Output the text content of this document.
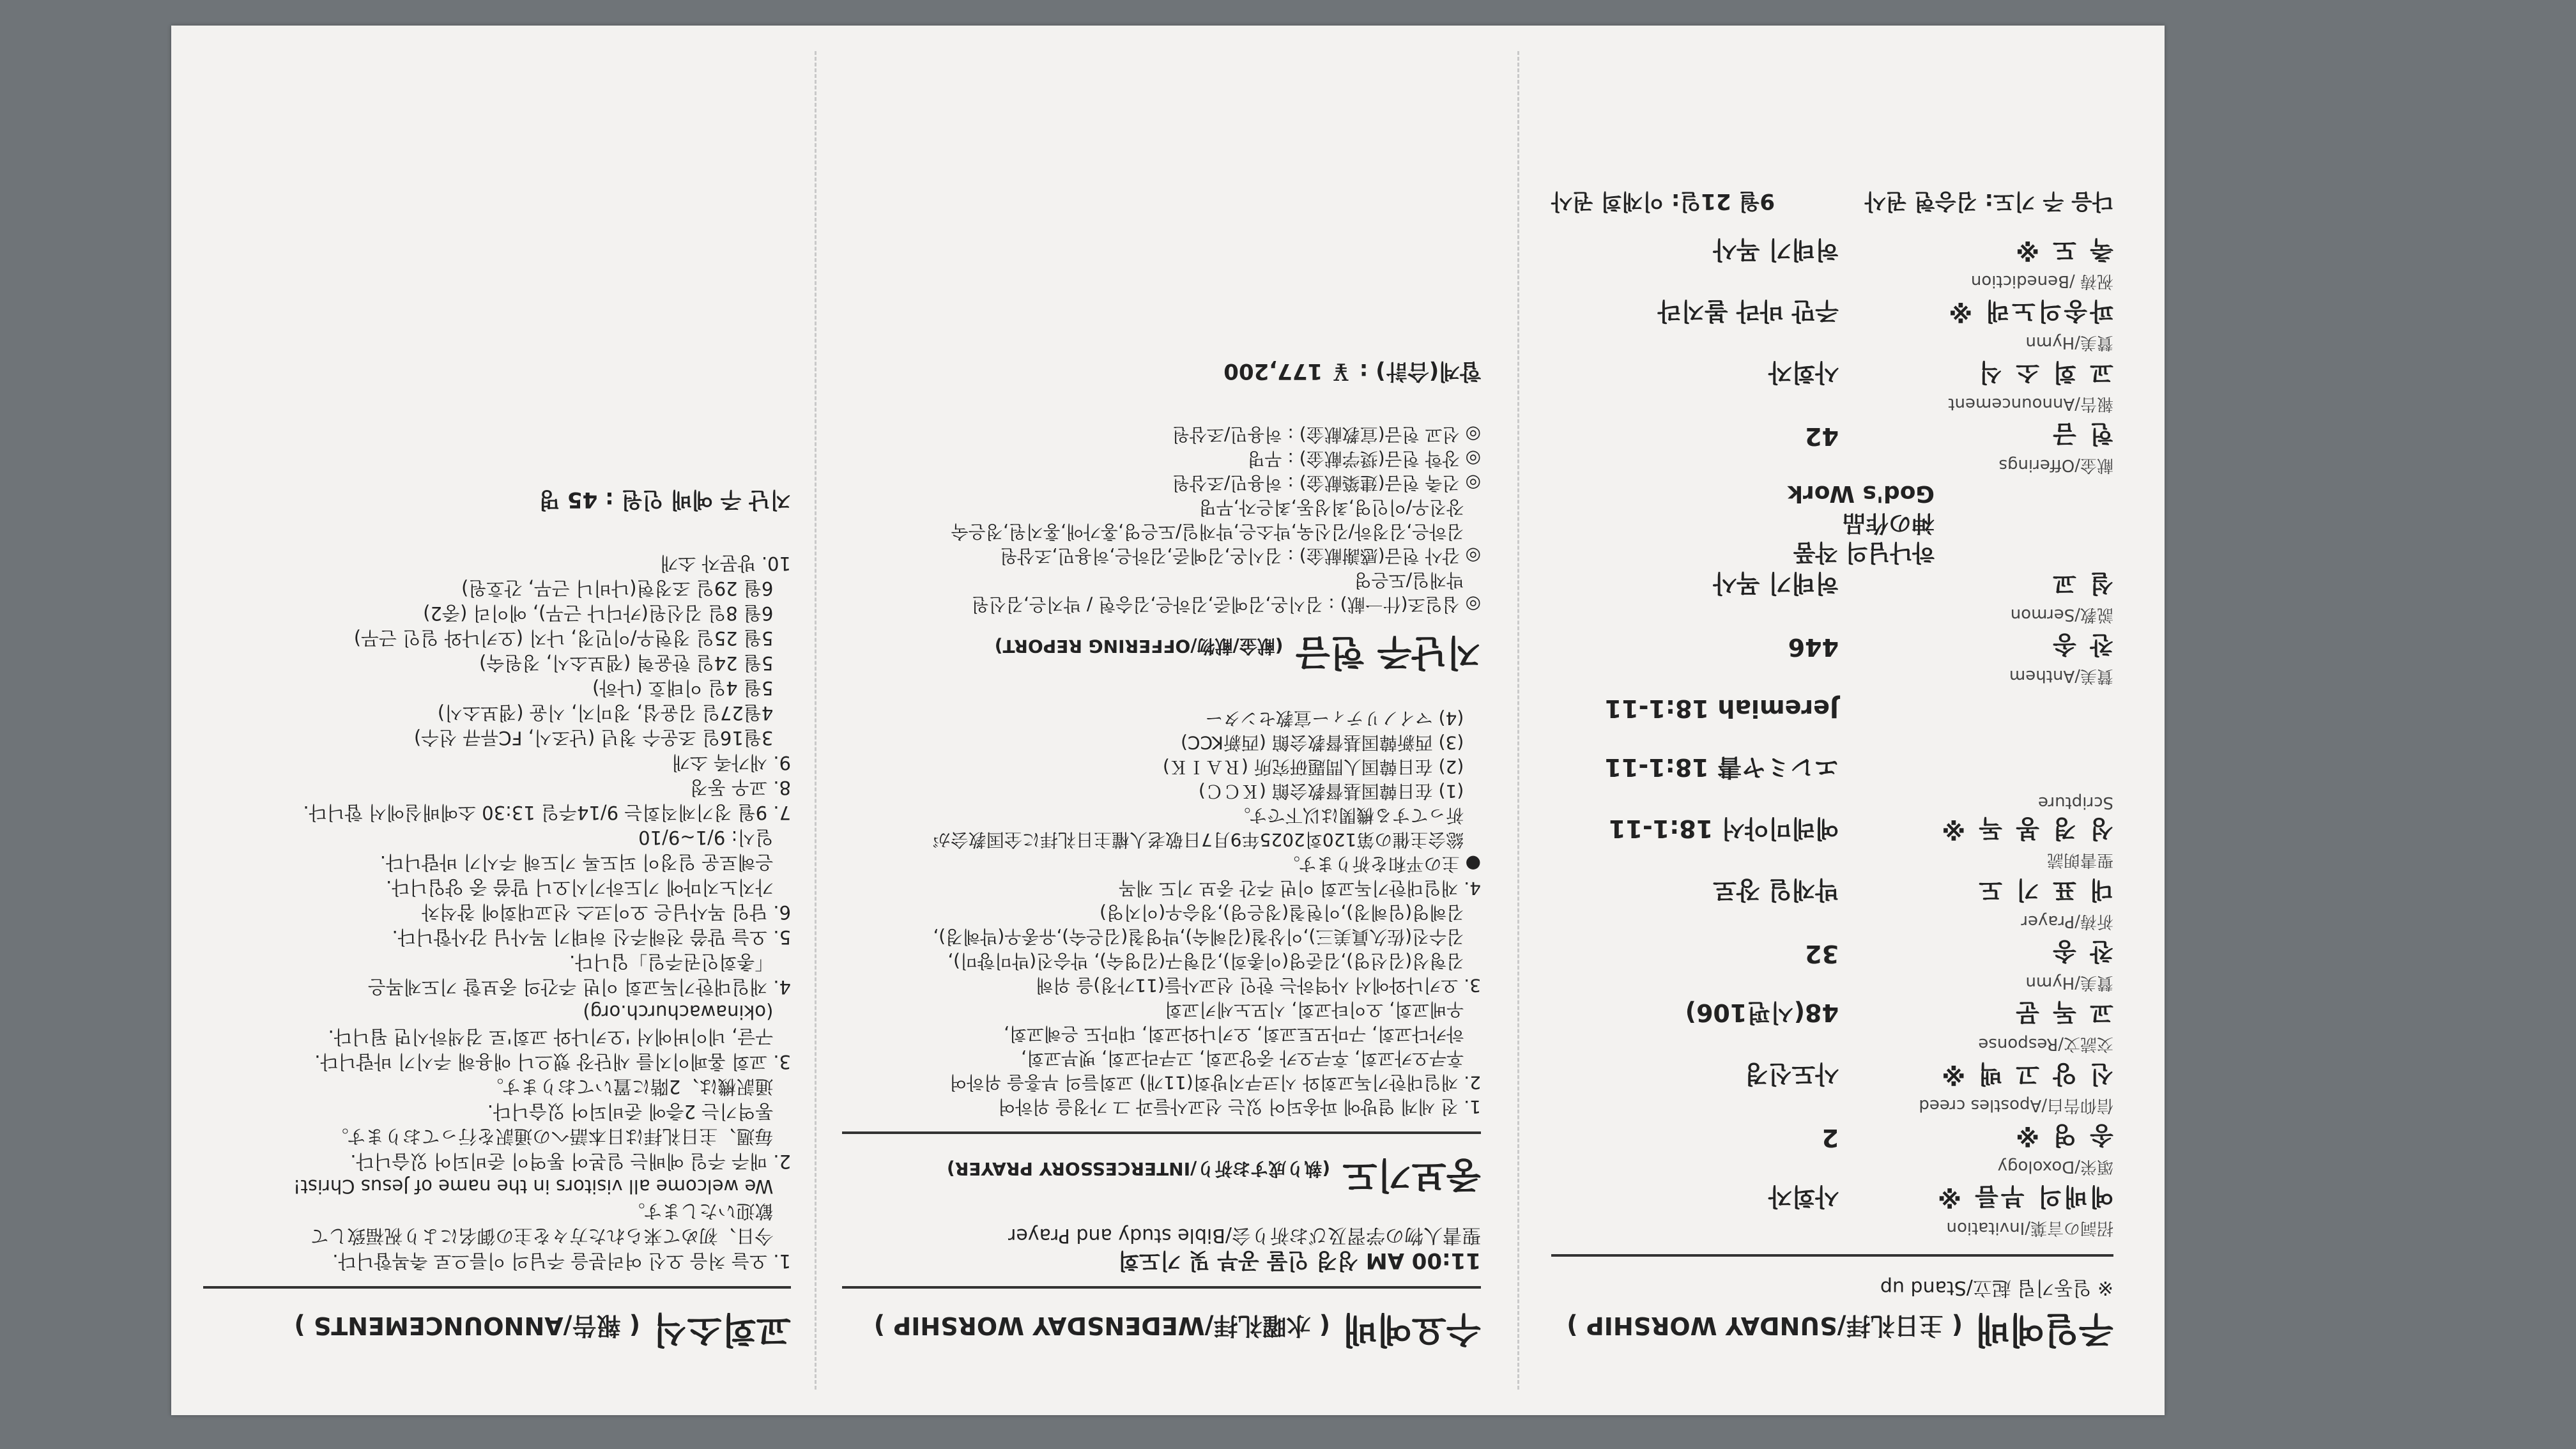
주일예배 ( 主日礼拝/SUNDAY WORSHIP )
※ 일동기립 起立/Stand up
招詞の言葉/Invitation
예배의 부름 ※
사회자
頌栄/Doxology
송 영 ※
2
信仰告白/Apostles creed
신 앙 고 백 ※
사도신경
交読文/Response
교 독 문
48(시편106)
賛美/Hymn
찬 송
32
祈祷/Prayer
대 표 기 도
박재일 장로
聖書朗読
성 경 봉 독 ※
예레미야서 18:1-11
Scripture
エレミヤ書 18:1-11
Jeremiah 18:1-11
賛美/Anthem
찬 송
446
説教/Sermon
설 교
허태기 목사
하나님의 작품
神の作品
God's Work
献金/Offerings
헌 금
42
報告/Announcement
교 회 소 식
사회자
賛美/Hymn
파송의노래 ※
주만 바라 볼지라
祝祷 /Benediction
축 도 ※
허태기 목사
다음 주 기도: 김승현 권사
9월 21일: 이재희 권사
수요예배 ( 水曜礼拝/WEDENSDAY WORSHIP )
11:00 AM 성경 인물 공부 및 기도회
聖書人物の学習及びお祈り会/Bible study and Prayer
중보기도 (執り成すお祈り/INTERCESSORY PRAYER)
1. 전 세계 열방에 파송되어 있는 선교사들과 그 가정을 위하여
2. 재일대한기독교회와 시코쿠지방회(11개) 교회들의 부흥을 위하여
후쿠오카교회, 후쿠오카 중앙교회, 고쿠라교회, 벳부교회,
하카다교회, 구마모토교회, 오키나와교회, 대마도 은혜교회,
우베교회, 오이타교회, 시모노세키교회
3. 오키나와에서 사역하는 한인 선교사들(11가정)을 위해
김형성(김선영),김준영(이총희),김형구(김영숙), 박승진(박미향미),
김수진(佐久眞美三),이상철(김혜숙),박영철(김은숙),유종우(박혜경),
김혜영(임혜정),이현철(정은영),정승우(이지영)
4. 재일대한기독교회 이번 주간 중보 기도 제목
● 主の平和を祈ります。
総会主催の第120회2025年9月7日敬老人權主日礼拝に全国教会が
祈ってする機関は以下です。
(1) 在日韓国基督教会館 (ＫＣＣ)
(2) 在日韓国人問題研究所 (ＲＡＩＫ)
(3) 西新韓国基督教会館 (西新KCC)
(4) マイノリティー宣教センター
지난주 헌금 (献金/献物/OFFERING REPORT)
◎ 십일조(什一献) : 김시온,김예준,김하은,김승현 / 박지은,김신원
박재일/도은영
◎ 감사 헌금(感謝献金) : 김시온,김예준,김하은,허용민,조삼원
김하은,김정하/김신욱,박소은,박재일/도은영,홍가애,홍지원,정은숙
장진우/이인영,최성동,최은자,무명
◎ 건축 헌금(建築献金) : 허용민/조삼원
◎ 장학 헌금(奨学献金) : 무명
◎ 선교 헌금(宣教献金) : 허용민/조삼원
합계(合計) : ￥ 177,200
교회소식 ( 報告/ANNOUNCEMENTS )
1. 오늘 처음 오신 여러분을 주님의 이름으로 축복합니다.
今日、初めて来られた方々を主の御名により祝福致して
歓迎いたします。
We welcome all visitors in the name of Jesus Christ!
2. 매주 주일 예배는 일본어 통역이 준비되어 있습니다.
毎週、主日礼拝は日本語への通訳を行っております。
통역기는 2층에 준비되어 있습니다.
通訳機は、2階に置いております。
3. 교회 홈페이지를 새단장 했으니 애용해 주시기 바랍니다.
구글, 네이버에서 '오키나와 교회'로 검색하시면 됩니다.
(okinawachurch.org)
4. 재일대한기독교회 이번 주간의 중보할 기도제목은
「총회인권주일」입니다.
5. 오늘 말씀 전해주신 허태기 목사님 감사합니다.
6. 담임 목사님은 오이코스 선교대회에 참석차
가지노지마에 기도하기시오니 말씀 중 양입니다.
은혜로운 일정이 되도록 기도해 주시기 바랍니다.
일시: 9/1~9/10
7. 9월 정기제직회는 9/14주일 13:30 소예배실에서 합니다.
8. 교우 동정
9. 새가족 소개
3월16일 조운수 청년 (난조시, FC류큐 선수)
4월27일 김윤섭, 정미지, 시윤 (잼보소시)
5월 4일 이태호 (나하)
5월 24일 한윤혁 (잼보소시, 정원숙)
5월 25일 정현우/이민정, 나지 (오키나와 일인 근무)
6월 8일 김신원(카디나 근무), 에이리 (중2)
6월 29일 조정현(나비니 근무, 간호원)
10. 방문자 소개
지난 주 예배 인원 : 45 명
